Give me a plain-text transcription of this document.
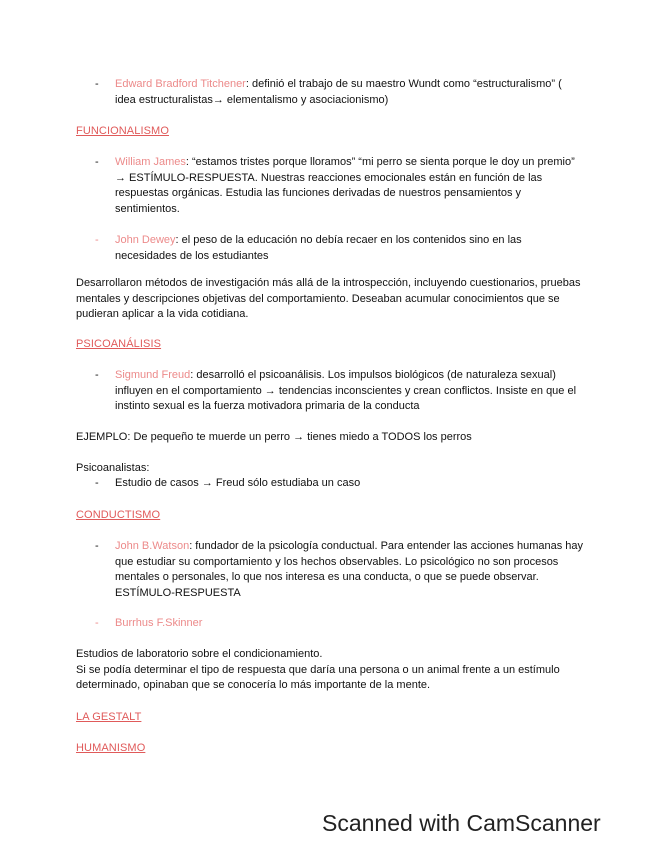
- Edward Bradford Titchener: definió el trabajo de su maestro Wundt como “estructuralismo” ( idea estructuralistas→ elementalismo y asociacionismo)
FUNCIONALISMO
- William James: “estamos tristes porque lloramos” “mi perro se sienta porque le doy un premio” → ESTÍMULO-RESPUESTA. Nuestras reacciones emocionales están en función de las respuestas orgánicas. Estudia las funciones derivadas de nuestros pensamientos y sentimientos.
- John Dewey: el peso de la educación no debía recaer en los contenidos sino en las necesidades de los estudiantes
Desarrollaron métodos de investigación más allá de la introspección, incluyendo cuestionarios, pruebas mentales y descripciones objetivas del comportamiento. Deseaban acumular conocimientos que se pudieran aplicar a la vida cotidiana.
PSICOANÁLISIS
- Sigmund Freud: desarrolló el psicoanálisis. Los impulsos biológicos (de naturaleza sexual) influyen en el comportamiento → tendencias inconscientes y crean conflictos. Insiste en que el instinto sexual es la fuerza motivadora primaria de la conducta
EJEMPLO: De pequeño te muerde un perro → tienes miedo a TODOS los perros
Psicoanalistas:
- Estudio de casos → Freud sólo estudiaba un caso
CONDUCTISMO
- John B.Watson: fundador de la psicología conductual. Para entender las acciones humanas hay que estudiar su comportamiento y los hechos observables. Lo psicológico no son procesos mentales o personales, lo que nos interesa es una conducta, o que se puede observar. ESTÍMULO-RESPUESTA
- Burrhus F.Skinner
Estudios de laboratorio sobre el condicionamiento.
Si se podía determinar el tipo de respuesta que daría una persona o un animal frente a un estímulo determinado, opinaban que se conocería lo más importante de la mente.
LA GESTALT
HUMANISMO
Scanned with CamScanner
